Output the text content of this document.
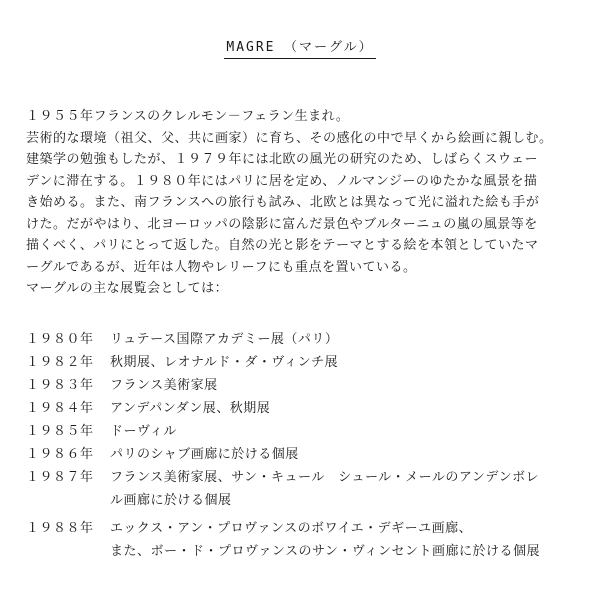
MAGRE　（マーグル）
１９５５年フランスのクレルモン－フェラン生まれ。
芸術的な環境（祖父、父、共に画家）に育ち、その感化の中で早くから絵画に親しむ。
建築学の勉強もしたが、１９７９年には北欧の風光の研究のため、しばらくスウェー
デンに滞在する。１９８０年にはパリに居を定め、ノルマンジーのゆたかな風景を描
き始める。また、南フランスへの旅行も試み、北欧とは異なって光に溢れた絵も手が
けた。だがやはり、北ヨーロッパの陰影に富んだ景色やブルターニュの嵐の風景等を
描くべく、パリにとって返した。自然の光と影をテーマとする絵を本領としていたマ
ーグルであるが、近年は人物やレリーフにも重点を置いている。
マーグルの主な展覧会としては：
１９８０年	リュテース国際アカデミー展（パリ）
１９８２年	秋期展、レオナルド・ダ・ヴィンチ展
１９８３年	フランス美術家展
１９８４年	アンデパンダン展、秋期展
１９８５年	ドーヴィル
１９８６年	パリのシャブ画廊に於ける個展
１９８７年	フランス美術家展、サン・キュール　シュール・メールのアンデンボレ
ル画廊に於ける個展
１９８８年	エックス・アン・プロヴァンスのボワイエ・デギーユ画廊、
また、ボー・ド・プロヴァンスのサン・ヴィンセント画廊に於ける個展
